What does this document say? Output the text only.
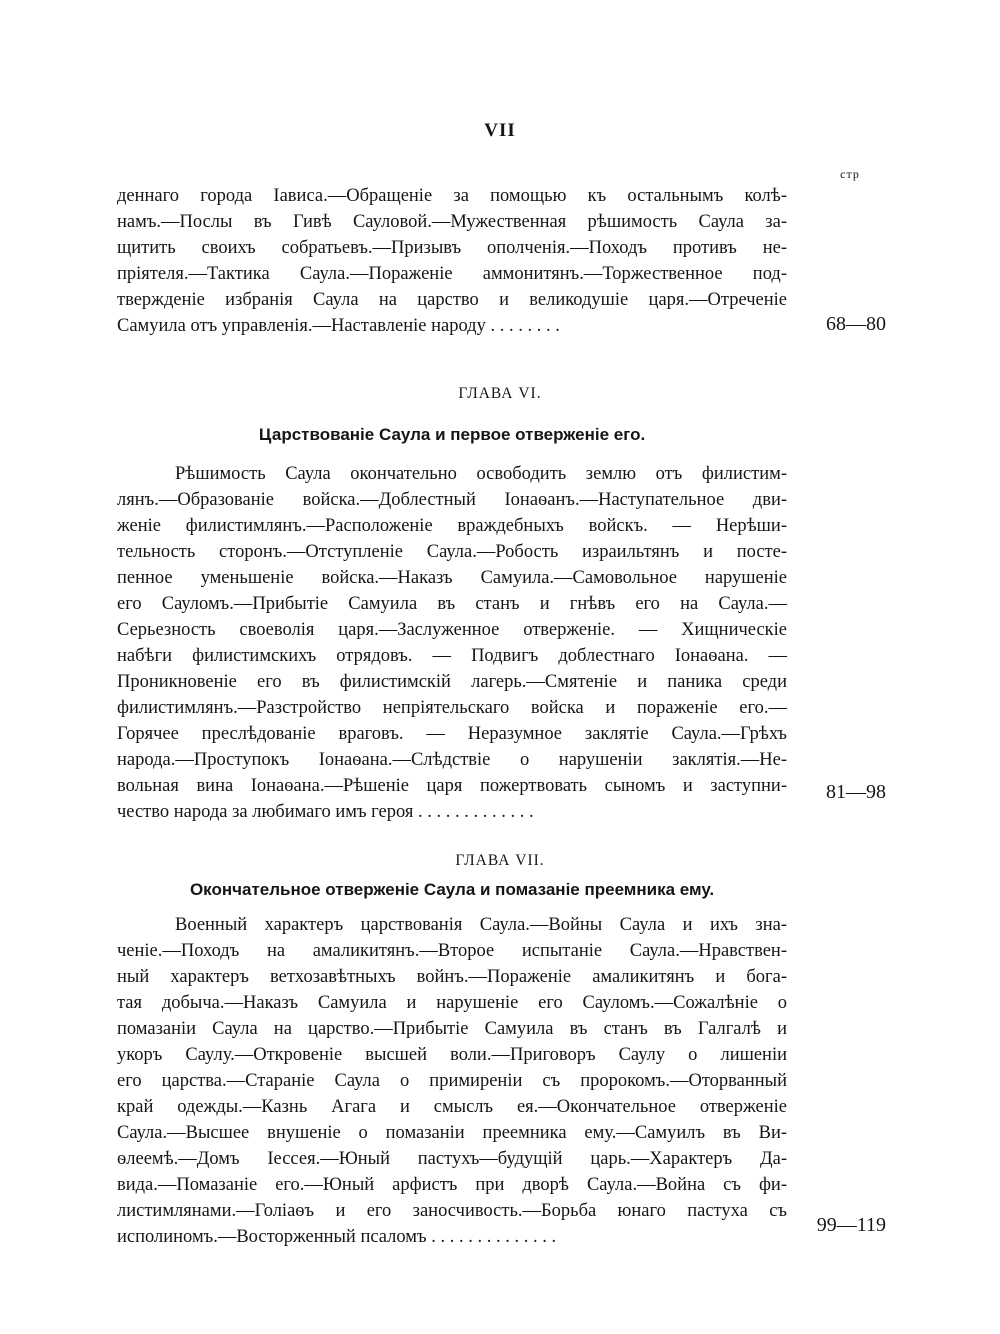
VII
стр
деннаго города Іависа.—Обращеніе за помощью къ остальнымъ колѣ-
намъ.—Послы въ Гивѣ Сауловой.—Мужественная рѣшимость Саула за-
щитить своихъ собратьевъ.—Призывъ ополченія.—Походъ противъ не-
пріятеля.—Тактика Саула.—Пораженіе аммонитянъ.—Торжественное под-
твержденіе избранія Саула на царство и великодушіе царя.—Отреченіе
Самуила отъ управленія.—Наставленіе народу . . . . . . . .	68—80
ГЛАВА VI.
Царствованіе Саула и первое отверженіе его.
Рѣшимость Саула окончательно освободить землю отъ филистим-
лянъ.—Образованіе войска.—Доблестный Іонаѳанъ.—Наступательное дви-
женіе филистимлянъ.—Расположеніе враждебныхъ войскъ. — Нерѣши-
тельность сторонъ.—Отступленіе Саула.—Робость израильтянъ и посте-
пенное уменьшеніе войска.—Наказъ Самуила.—Самовольное нарушеніе
его Сауломъ.—Прибытіе Самуила въ станъ и гнѣвъ его на Саула.—
Серьезность своеволія царя.—Заслуженное отверженіе. — Хищническіе
набѣги филистимскихъ отрядовъ. — Подвигъ доблестнаго Іонаѳана. —
Проникновеніе его въ филистимскій лагерь.—Смятеніе и паника среди
филистимлянъ.—Разстройство непріятельскаго войска и пораженіе его.—
Горячее преслѣдованіе враговъ. — Неразумное заклятіе Саула.—Грѣхъ
народа.—Проступокъ Іонаѳана.—Слѣдствіе о нарушеніи заклятія.—Не-
вольная вина Іонаѳана.—Рѣшеніе царя пожертвовать сыномъ и заступни-
чество народа за любимаго имъ героя . . . . . . . . . . . . .
81—98
ГЛАВА VII.
Окончательное отверженіе Саула и помазаніе преемника ему.
Военный характеръ царствованія Саула.—Войны Саула и ихъ зна-
ченіе.—Походъ на амаликитянъ.—Второе испытаніе Саула.—Нравствен-
ный характеръ ветхозавѣтныхъ войнъ.—Пораженіе амаликитянъ и бога-
тая добыча.—Наказъ Самуила и нарушеніе его Сауломъ.—Сожалѣніе о
помазаніи Саула на царство.—Прибытіе Самуила въ станъ въ Галгалѣ и
укоръ Саулу.—Откровеніе высшей воли.—Приговоръ Саулу о лишеніи
его царства.—Стараніе Саула о примиреніи съ пророкомъ.—Оторванный
край одежды.—Казнь Агага и смыслъ ея.—Окончательное отверженіе
Саула.—Высшее внушеніе о помазаніи преемника ему.—Самуилъ въ Ви-
ѳлеемѣ.—Домъ Іессея.—Юный пастухъ—будущій царь.—Характеръ Да-
вида.—Помазаніе его.—Юный арфистъ при дворѣ Саула.—Война съ фи-
листимлянами.—Голіаѳъ и его заносчивость.—Борьба юнаго пастуха съ
исполиномъ.—Восторженный псаломъ . . . . . . . . . . . . . .
99—119
